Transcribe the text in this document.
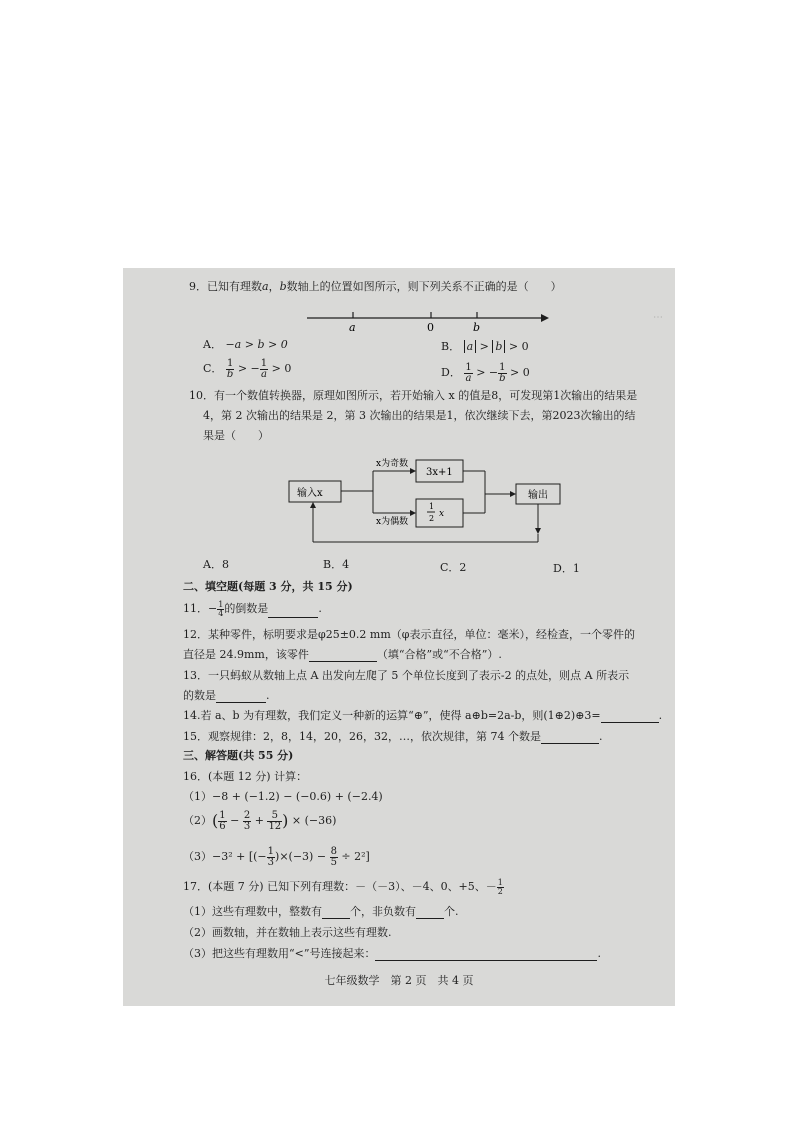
⋯
9．已知有理数a，b数轴上的位置如图所示，则下列关系不正确的是（　　）
a	0	b
A． −a > b > 0	B． a > b > 0
C． $\frac{1}{b}$ > − $\frac{1}{a} > 0$	D． $\frac{1}{a}$ > − $\frac{1}{b} > 0$
10．有一个数值转换器，原理如图所示，若开始输入 x 的值是8，可发现第1次输出的结果是
4，第 2 次输出的结果是 2，第 3 次输出的结果是1，依次继续下去，第2023次输出的结
果是（　　）
输入x
x为奇数
x为偶数
3x+1
1
2 x
输出
A．8	B．4	C．2	D．1
二、填空题(每题 3 分，共 15 分)
11．− $\frac{1}{4}$ 的倒数是	.
12．某种零件，标明要求是φ25±0.2 mm（φ表示直径，单位：毫米），经检查，一个零件的
直径是 24.9mm，该零件	（填“合格”或“不合格”）.
13．一只蚂蚁从数轴上点 A 出发向左爬了 5 个单位长度到了表示-2 的点处，则点 A 所表示
的数是	.
14.若 a、b 为有理数，我们定义一种新的运算“⊕”，使得 a⊕b=2a-b，则(1⊕2)⊕3=	.
15．观察规律：2，8，14，20，26，32，…，依次规律，第 74 个数是	.
三、解答题(共 55 分)
16．(本题 12 分) 计算：
（1）−8 + (−1.2) − (−0.6) + (−2.4)
$(2)( \frac{1}{6} - \frac{2}{3} + \frac{5}{12}$ ) × (−36)
（3）−3² + [(− $\frac{1}{3} )\times(-3) - \frac{8}{5} \div 2^2$]
17．(本题 7 分) 已知下列有理数：－（－3）、－4、0、+5、－ $\frac{1}{2}$
（1）这些有理数中，整数有	个，非负数有	个.
（2）画数轴，并在数轴上表示这些有理数.
（3）把这些有理数用“<”号连接起来：	.
七年级数学　第 2 页　共 4 页
